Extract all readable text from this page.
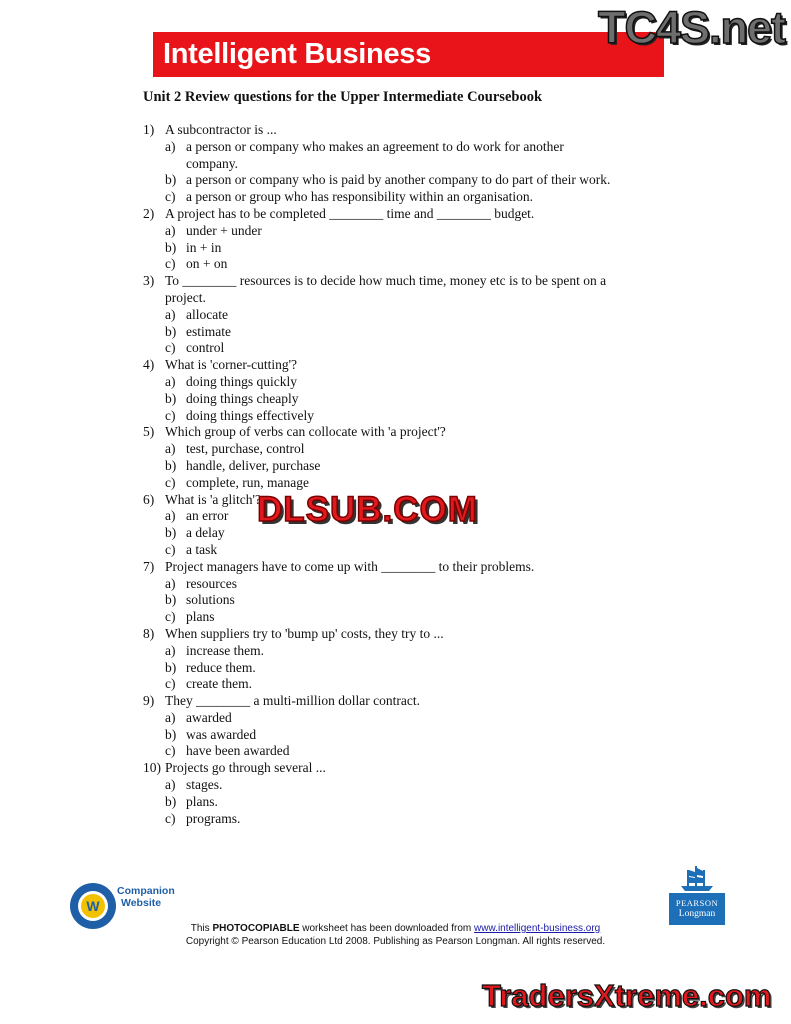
Intelligent Business
TC4S.net
Unit 2 Review questions for the Upper Intermediate Coursebook
1) A subcontractor is ...
a) a person or company who makes an agreement to do work for another
company.
b) a person or company who is paid by another company to do part of their work.
c) a person or group who has responsibility within an organisation.
2) A project has to be completed ________ time and ________ budget.
a) under + under
b) in + in
c) on + on
3) To ________ resources is to decide how much time, money etc is to be spent on a
project.
a) allocate
b) estimate
c) control
4) What is 'corner-cutting'?
a) doing things quickly
b) doing things cheaply
c) doing things effectively
5) Which group of verbs can collocate with 'a project'?
a) test, purchase, control
b) handle, deliver, purchase
c) complete, run, manage
6) What is 'a glitch'?
a) an error
b) a delay
c) a task
7) Project managers have to come up with ________ to their problems.
a) resources
b) solutions
c) plans
8) When suppliers try to 'bump up' costs, they try to ...
a) increase them.
b) reduce them.
c) create them.
9) They ________ a multi-million dollar contract.
a) awarded
b) was awarded
c) have been awarded
10) Projects go through several ...
a) stages.
b) plans.
c) programs.
DLSUB.COM
W
Companion
Website	PEARSON
Longman
This PHOTOCOPIABLE worksheet has been downloaded from www.intelligent-business.org
Copyright © Pearson Education Ltd 2008. Publishing as Pearson Longman. All rights reserved.
TradersXtreme.com
